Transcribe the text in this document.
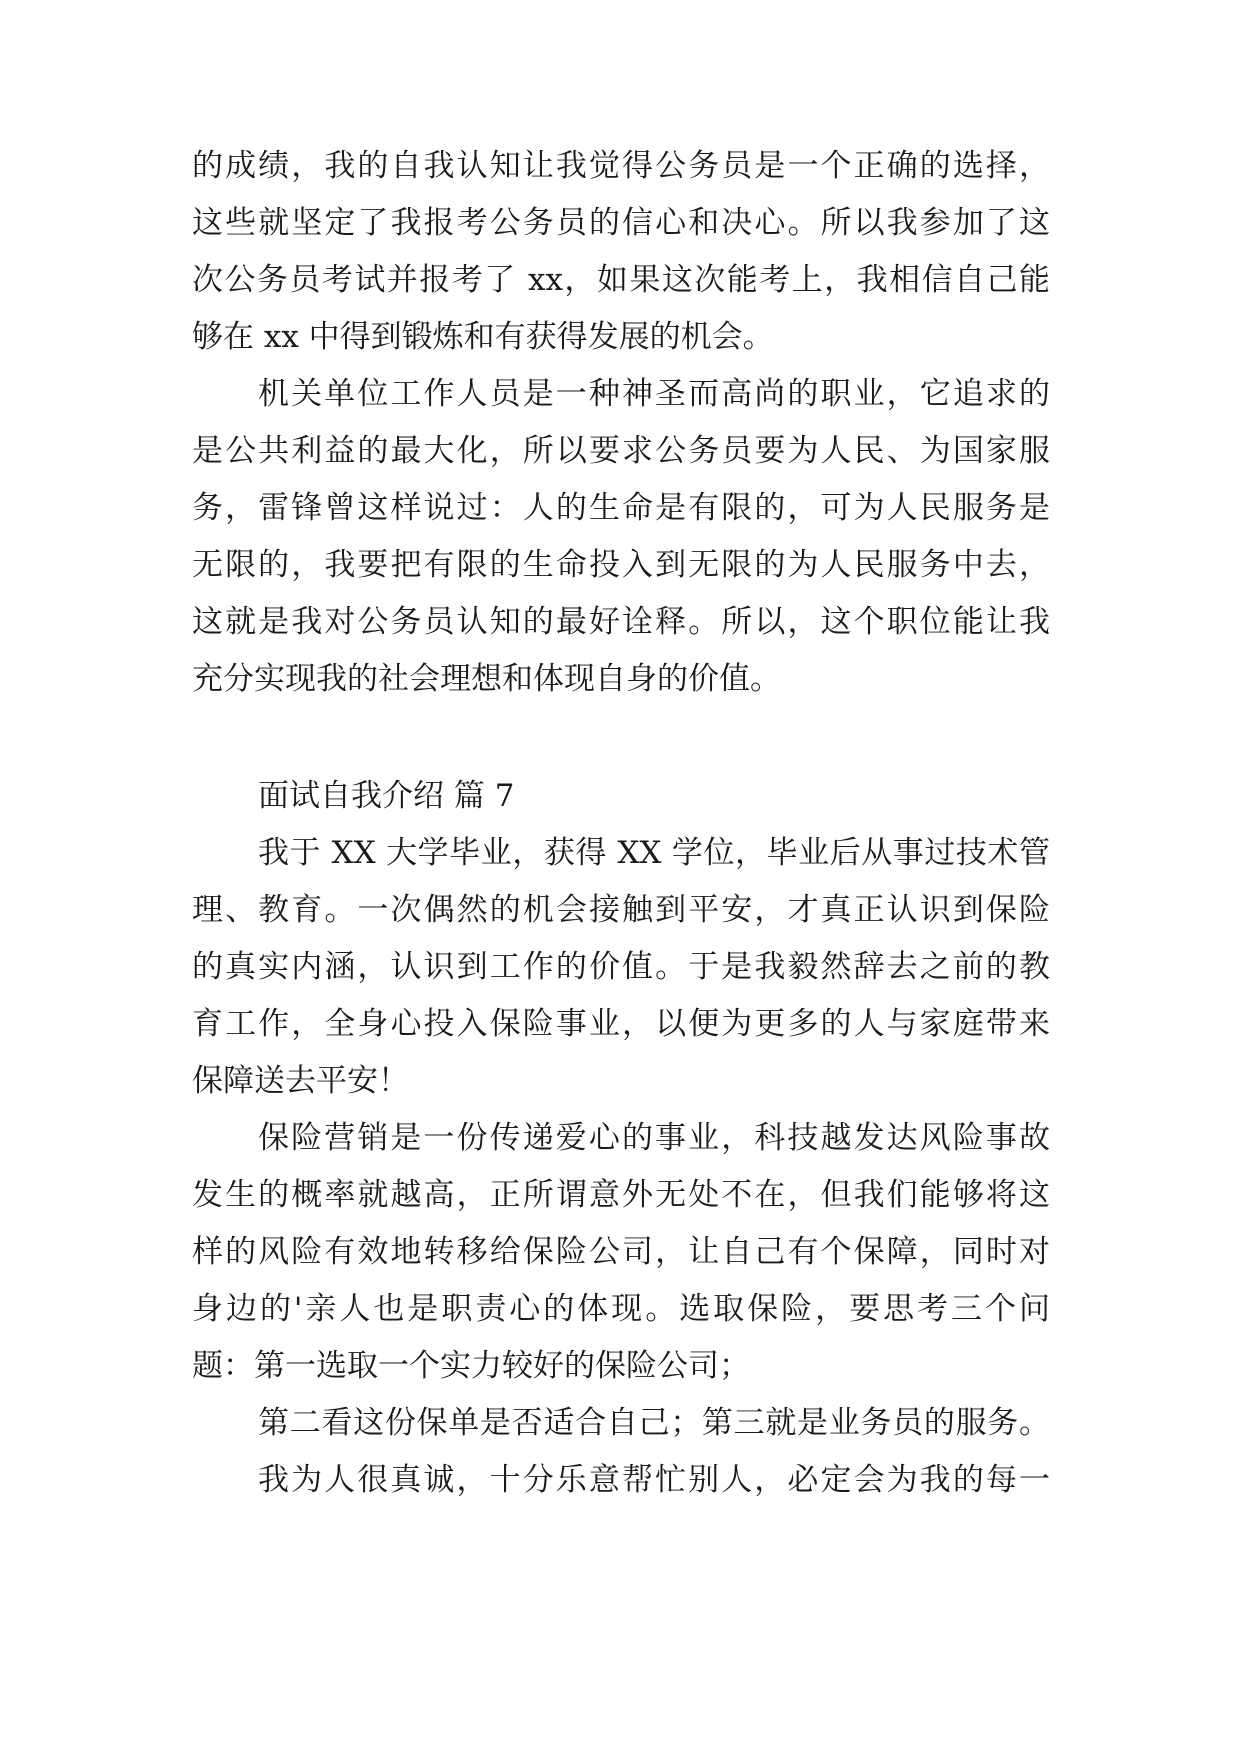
的成绩，我的自我认知让我觉得公务员是一个正确的选择，
这些就坚定了我报考公务员的信心和决心。所以我参加了这
次公务员考试并报考了 xx，如果这次能考上，我相信自己能
够在 xx 中得到锻炼和有获得发展的机会。
机关单位工作人员是一种神圣而高尚的职业，它追求的
是公共利益的最大化，所以要求公务员要为人民、为国家服
务，雷锋曾这样说过：人的生命是有限的，可为人民服务是
无限的，我要把有限的生命投入到无限的为人民服务中去，
这就是我对公务员认知的最好诠释。所以，这个职位能让我
充分实现我的社会理想和体现自身的价值。
面试自我介绍 篇 7
我于 XX 大学毕业，获得 XX 学位，毕业后从事过技术管
理、教育。一次偶然的机会接触到平安，才真正认识到保险
的真实内涵，认识到工作的价值。于是我毅然辞去之前的教
育工作，全身心投入保险事业，以便为更多的人与家庭带来
保障送去平安！
保险营销是一份传递爱心的事业，科技越发达风险事故
发生的概率就越高，正所谓意外无处不在，但我们能够将这
样的风险有效地转移给保险公司，让自己有个保障，同时对
身边的'亲人也是职责心的体现。选取保险，要思考三个问
题：第一选取一个实力较好的保险公司；
第二看这份保单是否适合自己；第三就是业务员的服务。
我为人很真诚，十分乐意帮忙别人，必定会为我的每一
